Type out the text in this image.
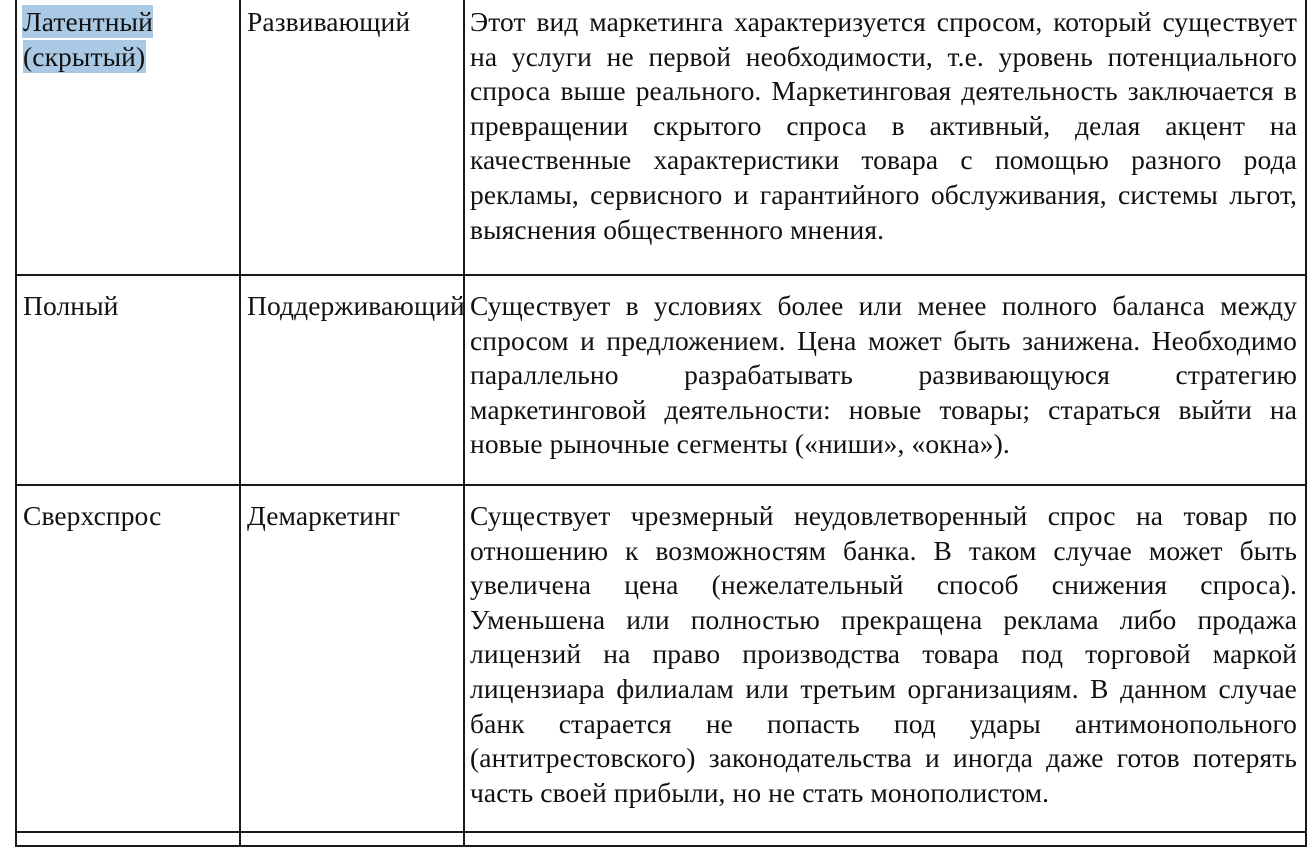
Латентный
(скрытый)	Развивающий	Этот вид маркетинга характеризуется спросом, который существует на услуги не первой необходимости, т.е. уровень потенциального спроса выше реального. Маркетинговая деятельность заключается в превращении скрытого спроса в активный, делая акцент на качественные характеристики товара с помощью разного рода рекламы, сервисного и гарантийного обслуживания, системы льгот, выяснения общественного мнения.

Полный	Поддерживающий	Существует в условиях более или менее полного баланса между спросом и предложением. Цена может быть занижена. Необходимо параллельно разрабатывать развивающуюся стратегию маркетинговой деятельности: новые товары; стараться выйти на новые рыночные сегменты («ниши», «окна»).

Сверхспрос	Демаркетинг	Существует чрезмерный неудовлетворенный спрос на товар по отношению к возможностям банка. В таком случае может быть увеличена цена (нежелательный способ снижения спроса). Уменьшена или полностью прекращена реклама либо продажа лицензий на право производства товара под торговой маркой лицензиара филиалам или третьим организациям. В данном случае банк старается не попасть под удары антимонопольного (антитрестовского) законодательства и иногда даже готов потерять часть своей прибыли, но не стать монополистом.
